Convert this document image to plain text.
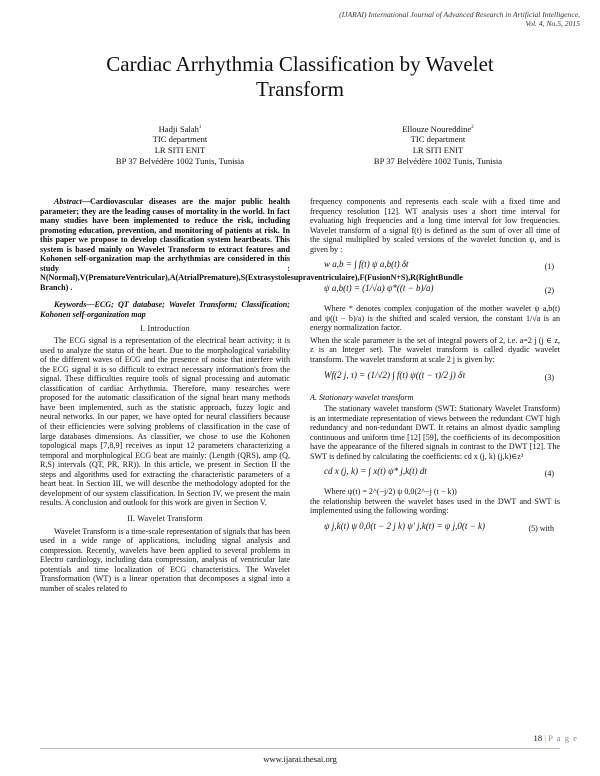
(IJARAI) International Journal of Advanced Research in Artificial Intelligence,
Vol. 4, No.5, 2015
Cardiac Arrhythmia Classification by Wavelet
Transform
Hadji Salah$^1$
TIC department
LR SITI ENIT
BP 37 Belvédère 1002 Tunis, Tunisia
Ellouze Noureddine$^2$
TIC department
LR SITI ENIT
BP 37 Belvédère 1002 Tunis, Tunisia

Abstract—Cardiovascular diseases are the major public health parameter; they are the leading causes of mortality in the world. In fact many studies have been implemented to reduce the risk, including promoting education, prevention, and monitoring of patients at risk. In this paper we propose to develop classification system heartbeats. This system is based mainly on Wavelet Transform to extract features and Kohonen self-organization map the arrhythmias are considered in this study : N(Normal),V(PrematureVentricular),A(AtrialPremature),S(Extrasystolesupraventriculaire),F(FusionN+S),R(RightBundle Branch) .

Keywords—ECG; QT database; Wavelet Transform; Classification; Kohonen self-organization map

I. Introduction

The ECG signal is a representation of the electrical heart activity; it is used to analyze the status of the heart. Due to the morphological variability of the different waves of ECG and the presence of noise that interfere with the ECG signal it is so difficult to extract necessary information's from the signal. These difficulties require tools of signal processing and automatic classification of cardiac Arrhythmia. Therefore, many researches were proposed for the automatic classification of the signal heart many methods have been implemented, such as the statistic approach, fuzzy logic and neural networks. In our paper, we have opted for neural classifiers because of their efficiencies were solving problems of classification in the case of large databases dimensions. As classifier, we chose to use the Kohonen topological maps [7,8,9] receives as input 12 parameters characterizing a temporal and morphological ECG beat are mainly: (Length (QRS), amp (Q, R,S) intervals (QT, PR, RR)). In this article, we present in Section II the steps and algorithms used for extracting the characteristic parameters of a heart beat. In Section III, we will describe the methodology adopted for the development of our system classification. In Section IV, we present the main results. A conclusion and outlook for this work are given in Section V.

II. Wavelet Transform

Wavelet Transform is a time-scale representation of signals that has been used in a wide range of applications, including signal analysis and compression. Recently, wavelets have been applied to several problems in Electro cardiology, including data compression, analysis of ventricular late potentials and time localization of ECG characteristics. The Wavelet Transformation (WT) is a linear operation that decomposes a signal into a number of scales related to

frequency components and represents each scale with a fixed time and frequency resolution [12]. WT analysis uses a short time interval for evaluating high frequencies and a long time interval for low frequencies. Wavelet transform of a signal f(t) is defined as the sum of over all time of the signal multiplied by scaled versions of the wavelet function ψ, and is given by :

w a,b = ∫ f(t) ψ a,b(t) δt	(1)
ψ a,b(t) = (1/√a) ψ*((t − b)/a)	(2)

Where * denotes complex conjugation of the mother wavelet ψ a,b(t) and ψ((t − b)/a) is the shifted and scaled version, the constant 1/√a is an energy normalization factor.

When the scale parameter is the set of integral powers of 2, i.e. a=2 j (j ∈ z, z is an Integer set). The wavelet transform is called dyadic wavelet transform. The wavelet transform at scale 2 j is given by:

Wf(2 j, τ) = (1/√2) ∫ f(t) ψ((t − τ)/2 j) δτ	(3)
A. Stationary wavelet transform

The stationary wavelet transform (SWT: Stationary Wavelet Transform) is an intermediate representation of views between the redundant CWT high redundancy and non-redundant DWT. It retains an almost dyadic sampling continuous and uniform time [12] [59], the coefficients of its decomposition have the appearance of the filtered signals in contrast to the DWT [12]. The SWT is defined by calculating the coefficients: cd x (j, k) (j,k)∈z²

cd x (j, k) = ∫ x(t) ψ* j,k(t) dt	(4)

Where ψ(t) = 2^(−j/2) ψ 0,0(2^−j (t − k))

the relationship between the wavelet bases used in the DWT and SWT is implemented using the following wording:

ψ j,k(t) ψ 0,0(t − 2 j k) ψ' j,k(t) = ψ j,0(t − k)	(5) with
18 | P a g e
www.ijarai.thesai.org
